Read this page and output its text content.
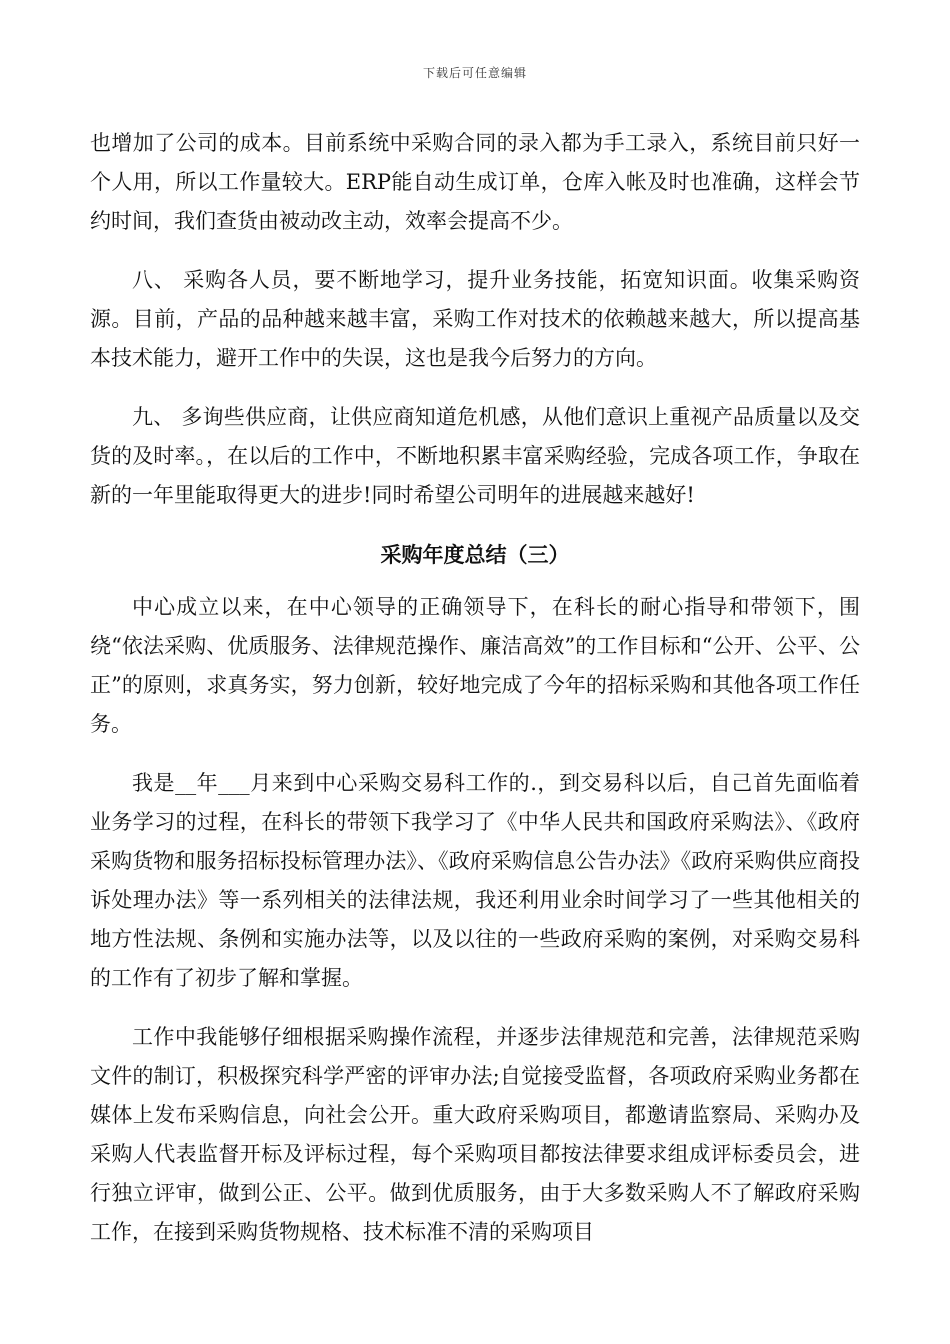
下载后可任意编辑

也增加了公司的成本。目前系统中采购合同的录入都为手工录入，系统目前只好一个人用，所以工作量较大。ERP能自动生成订单，仓库入帐及时也准确，这样会节约时间，我们查货由被动改主动，效率会提高不少。

八、 采购各人员，要不断地学习，提升业务技能，拓宽知识面。收集采购资源。目前，产品的品种越来越丰富，采购工作对技术的依赖越来越大，所以提高基本技术能力，避开工作中的失误，这也是我今后努力的方向。

九、 多询些供应商，让供应商知道危机感，从他们意识上重视产品质量以及交货的及时率。，在以后的工作中，不断地积累丰富采购经验，完成各项工作，争取在新的一年里能取得更大的进步!同时希望公司明年的进展越来越好!

采购年度总结（三）

中心成立以来，在中心领导的正确领导下，在科长的耐心指导和带领下，围绕“依法采购、优质服务、法律规范操作、廉洁高效”的工作目标和“公开、公平、公正”的原则，求真务实，努力创新，较好地完成了今年的招标采购和其他各项工作任务。

我是__年___月来到中心采购交易科工作的.，到交易科以后，自己首先面临着业务学习的过程，在科长的带领下我学习了《中华人民共和国政府采购法》、《政府采购货物和服务招标投标管理办法》、《政府采购信息公告办法》《政府采购供应商投诉处理办法》等一系列相关的法律法规，我还利用业余时间学习了一些其他相关的地方性法规、条例和实施办法等，以及以往的一些政府采购的案例，对采购交易科的工作有了初步了解和掌握。

工作中我能够仔细根据采购操作流程，并逐步法律规范和完善，法律规范采购文件的制订，积极探究科学严密的评审办法;自觉接受监督，各项政府采购业务都在媒体上发布采购信息，向社会公开。重大政府采购项目，都邀请监察局、采购办及采购人代表监督开标及评标过程，每个采购项目都按法律要求组成评标委员会，进行独立评审，做到公正、公平。做到优质服务，由于大多数采购人不了解政府采购工作，在接到采购货物规格、技术标准不清的采购项目
